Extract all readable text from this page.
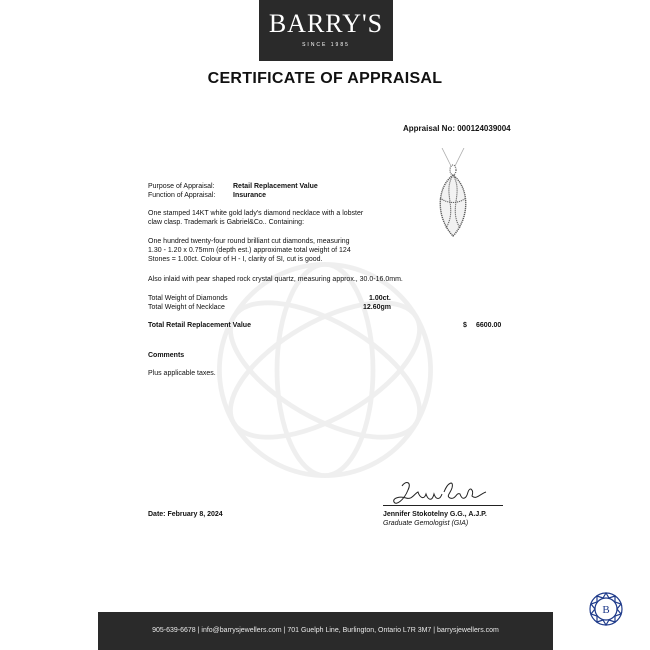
BARRY'S
SINCE 1985
CERTIFICATE OF APPRAISAL
Appraisal No: 000124039004
Purpose of Appraisal:	Retail Replacement Value
Function of Appraisal:	Insurance
One stamped 14KT white gold lady's diamond necklace with a lobster
claw clasp. Trademark is Gabriel&Co.. Containing:
One hundred twenty-four round brilliant cut diamonds, measuring
1.30 - 1.20 x 0.75mm (depth est.) approximate total weight of 124
Stones = 1.00ct. Colour of H - I, clarity of SI, cut is good.
Also inlaid with pear shaped rock crystal quartz, measuring approx., 30.0-16.0mm.
Total Weight of Diamonds	1.00ct.
Total Weight of Necklace	12.60gm
Total Retail Replacement Value	$ 6600.00
Comments
Plus applicable taxes.
Date: February 8, 2024	Jennifer Stokotelny G.G., A.J.P.
Graduate Gemologist (GIA)
B
905-639-6678 | info@barrysjewellers.com | 701 Guelph Line, Burlington, Ontario L7R 3M7 | barrysjewellers.com
